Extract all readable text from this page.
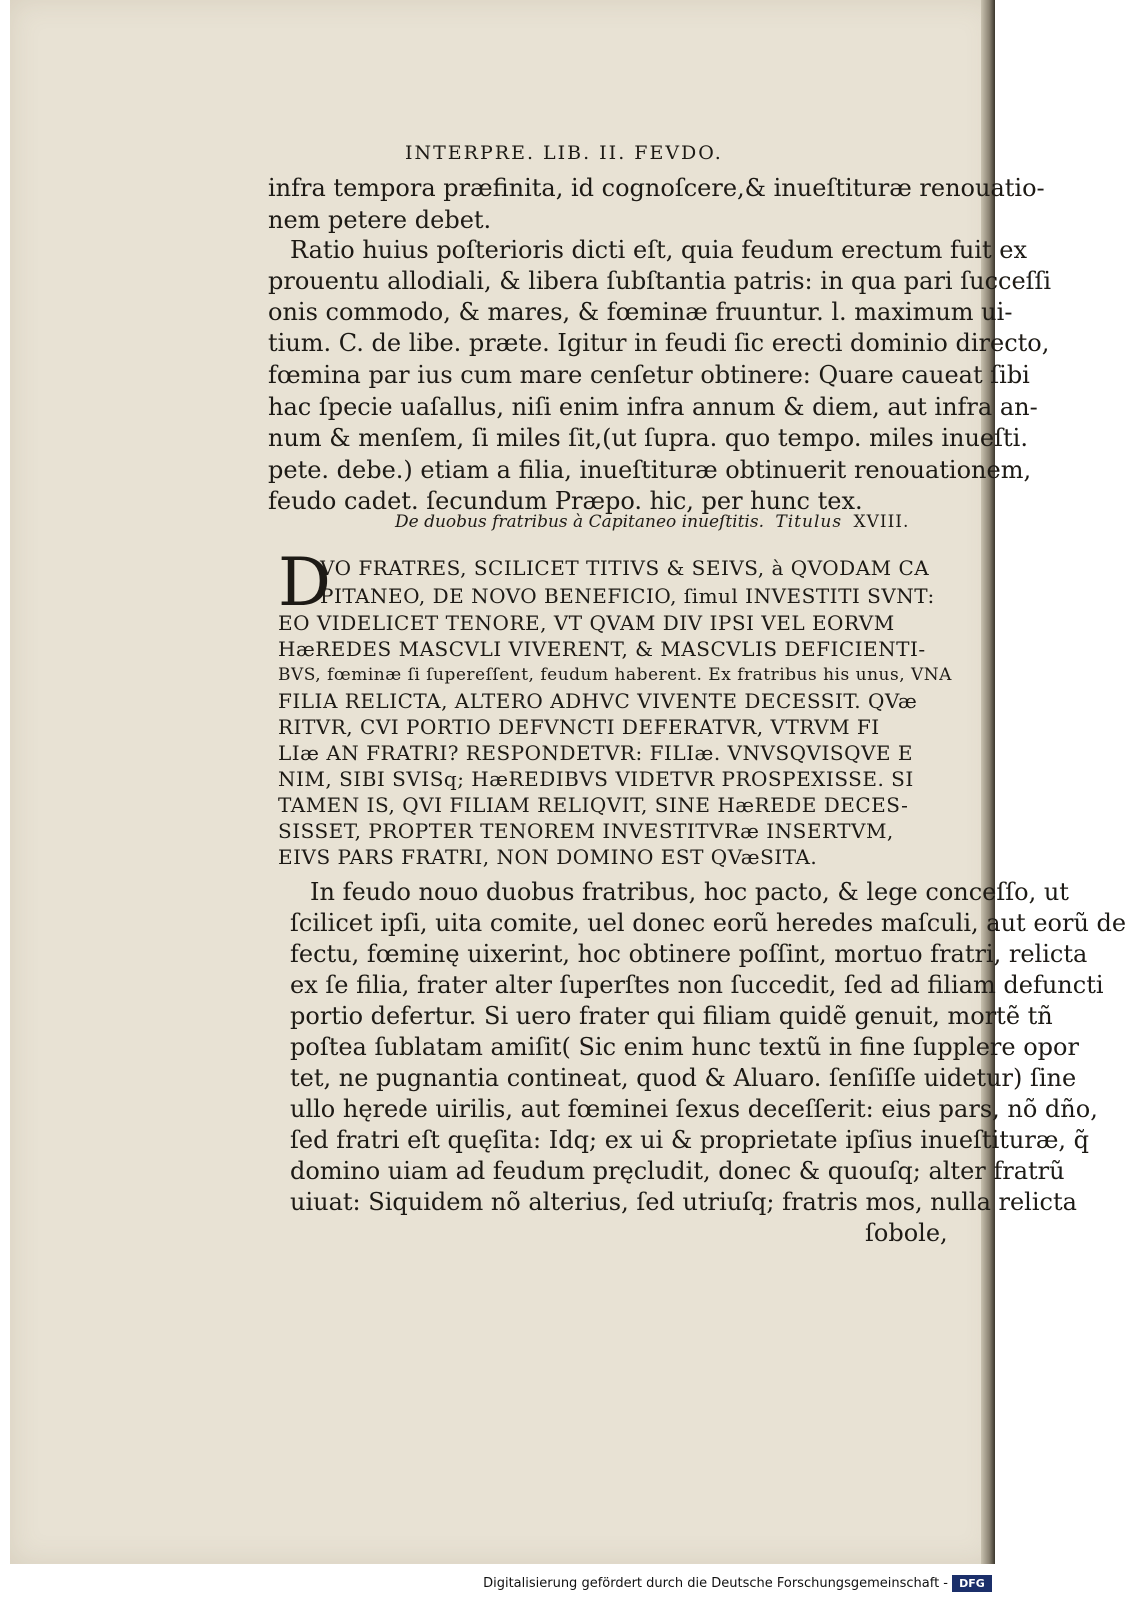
INTERPRE. LIB. II. FEVDO.
infra tempora præfinita, id cognoſcere,& inueſtituræ renouatio-
nem petere debet.
Ratio huius poſterioris dicti eſt, quia feudum erectum fuit ex
prouentu allodiali, & libera ſubſtantia patris: in qua pari ſucceſſi
onis commodo, & mares, & fœminæ fruuntur. l. maximum ui-
tium. C. de libe. præte. Igitur in feudi ſic erecti dominio directo,
fœmina par ius cum mare cenſetur obtinere: Quare caueat ſibi
hac ſpecie uaſallus, niſi enim infra annum & diem, aut infra an-
num & menſem, ſi miles ſit,(ut ſupra. quo tempo. miles inueſti.
pete. debe.) etiam a filia, inueſtituræ obtinuerit renouationem,
feudo cadet. ſecundum Præpo. hic, per hunc tex.
De duobus fratribus à Capitaneo inueſtitis. Titulus XVIII.
D
VO FRATRES, SCILICET TITIVS & SEIVS, à QVODAM CA
PITANEO, DE NOVO BENEFICIO, ſimul INVESTITI SVNT:
EO VIDELICET TENORE, VT QVAM DIV IPSI VEL EORVM
HæREDES MASCVLI VIVERENT, & MASCVLIS DEFICIENTI-
BVS, fœminæ ſi ſupereſſent, feudum haberent. Ex fratribus his unus, VNA
FILIA RELICTA, ALTERO ADHVC VIVENTE DECESSIT. QVæ
RITVR, CVI PORTIO DEFVNCTI DEFERATVR, VTRVM FI
LIæ AN FRATRI? RESPONDETVR: FILIæ. VNVSQVISQVE E
NIM, SIBI SVISq; HæREDIBVS VIDETVR PROSPEXISSE. SI
TAMEN IS, QVI FILIAM RELIQVIT, SINE HæREDE DECES-
SISSET, PROPTER TENOREM INVESTITVRæ INSERTVM,
EIVS PARS FRATRI, NON DOMINO EST QVæSITA.
In feudo nouo duobus fratribus, hoc pacto, & lege conceſſo, ut
ſcilicet ipſi, uita comite, uel donec eorũ heredes maſculi, aut eorũ de
fectu, fœminę uixerint, hoc obtinere poſſint, mortuo fratri, relicta
ex ſe filia, frater alter ſuperſtes non ſuccedit, ſed ad filiam defuncti
portio defertur. Si uero frater qui filiam quidẽ genuit, mortẽ tñ
poſtea ſublatam amiſit( Sic enim hunc textũ in fine ſupplere opor
tet, ne pugnantia contineat, quod & Aluaro. ſenſiſſe uidetur) ſine
ullo hęrede uirilis, aut fœminei ſexus deceſſerit: eius pars, nõ dño,
ſed fratri eſt quęſita: Idq; ex ui & proprietate ipſius inueſtituræ, q̃
domino uiam ad feudum pręcludit, donec & quouſq; alter fratrũ
uiuat: Siquidem nõ alterius, ſed utriuſq; fratris mos, nulla relicta
ſobole,
Digitalisierung gefördert durch die Deutsche Forschungsgemeinschaft -	DFG
